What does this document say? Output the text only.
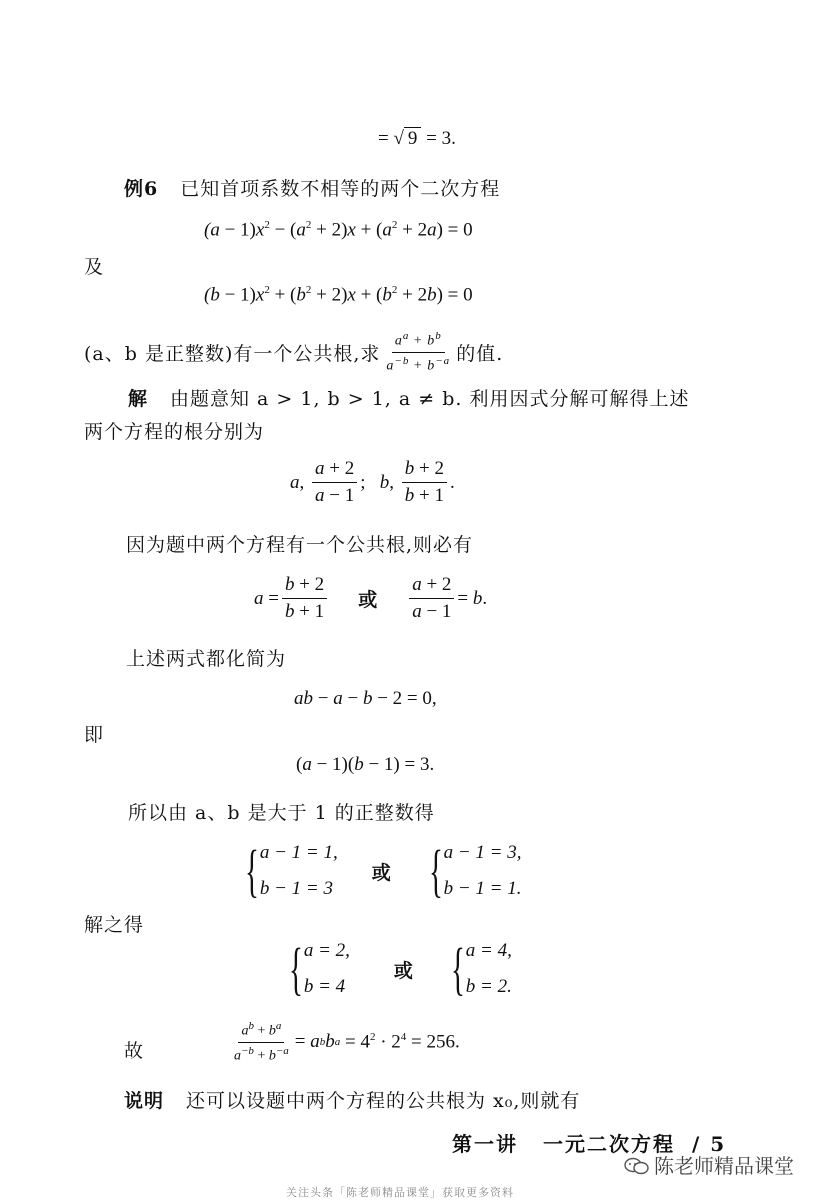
= √ 9 = 3.
例6 已知首项系数不相等的两个二次方程
$(a - 1)x^2 - (a^2 + 2)x + (a^2 + 2a) = 0$
及
$(b - 1)x^2 + (b^2 + 2)x + (b^2 + 2b) = 0$
(a、b 是正整数)有一个公共根,求 $\frac{a^a + b^b}{a^{-b} + b^{-a}}$ 的值.
解 由题意知 a > 1, b > 1, a ≠ b. 利用因式分解可解得上述
两个方程的根分别为
a , $\frac{a + 2}{a - 1}$ ; b , $\frac{b + 2}{b + 1}$ .
因为题中两个方程有一个公共根,则必有
$a = \frac{b + 2}{b + 1}$ 或 $\frac{a + 2}{a - 1} = b$ .
上述两式都化简为
ab − a − b − 2 = 0,
即
(a − 1)(b − 1) = 3.
所以由 a、b 是大于 1 的正整数得
{ a − 1 = 1,
b − 1 = 3
或 { a − 1 = 3,
b − 1 = 1.
解之得
{ a = 2,
b = 4
或 { a = 4,
b = 2.
故	$\frac{a^b + b^a}{a^{-b} + b^{-a}} = a$ b b $a = 4^2 \cdot 2^4 = 256$.
说明 还可以设题中两个方程的公共根为 x₀,则就有
第一讲 一元二次方程 / 5
陈老师精品课堂
关注头条「陈老师精品课堂」获取更多资料
